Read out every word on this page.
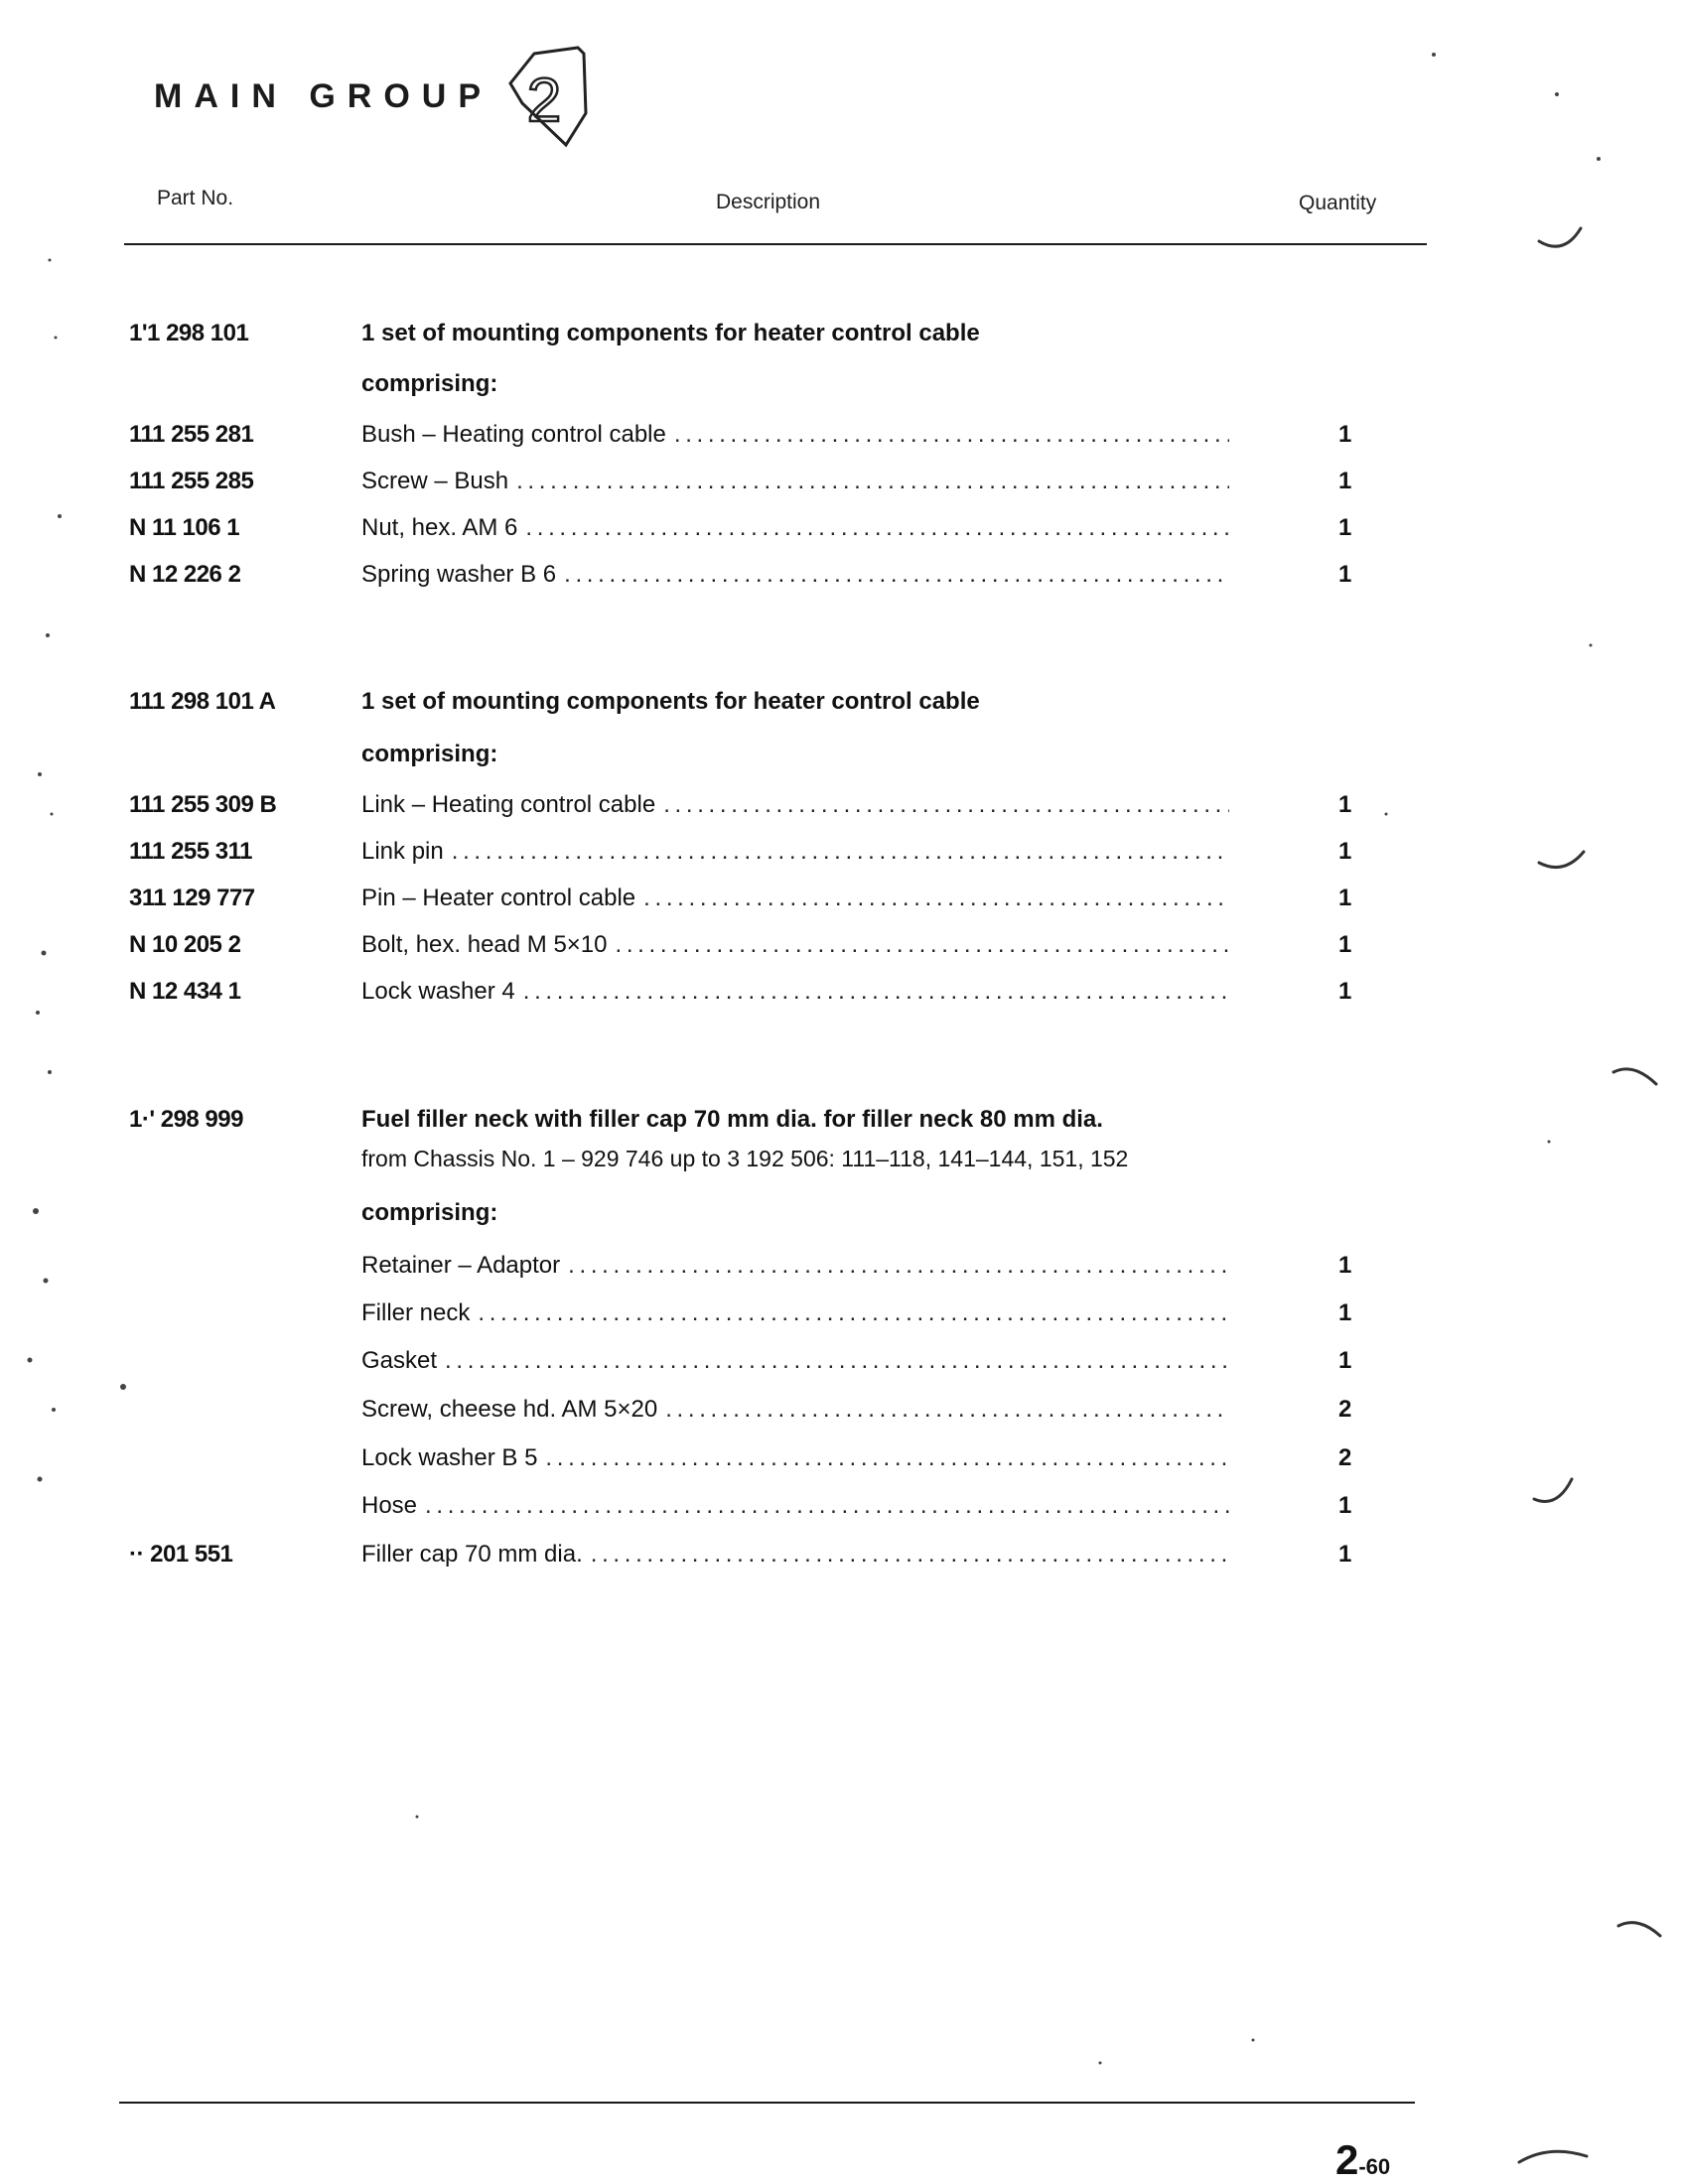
MAIN GROUP 2
Part No.	Description	Quantity
1'1 298 101	1 set of mounting components for heater control cable
comprising:
111 255 281	Bush – Heating control cable . . .	1
111 255 285	Screw – Bush . . .	1
N 11 106 1	Nut, hex. AM 6 . . .	1
N 12 226 2	Spring washer B 6 . . .	1
111 298 101 A	1 set of mounting components for heater control cable
comprising:
111 255 309 B	Link – Heating control cable . . .	1
111 255 311	Link pin . . .	1
311 129 777	Pin – Heater control cable . . .	1
N 10 205 2	Bolt, hex. head M 5×10 . . .	1
N 12 434 1	Lock washer 4 . . .	1
1·' 298 999	Fuel filler neck with filler cap 70 mm dia. for filler neck 80 mm dia.
from Chassis No. 1 – 929 746 up to 3 192 506: 111–118, 141–144, 151, 152
comprising:
Retainer – Adaptor . . .	1
Filler neck . . .	1
Gasket . . .	1
Screw, cheese hd. AM 5×20 . . .	2
Lock washer B 5 . . .	2
Hose . . .	1
·· 201 551	Filler cap 70 mm dia. . . .	1
2-60
